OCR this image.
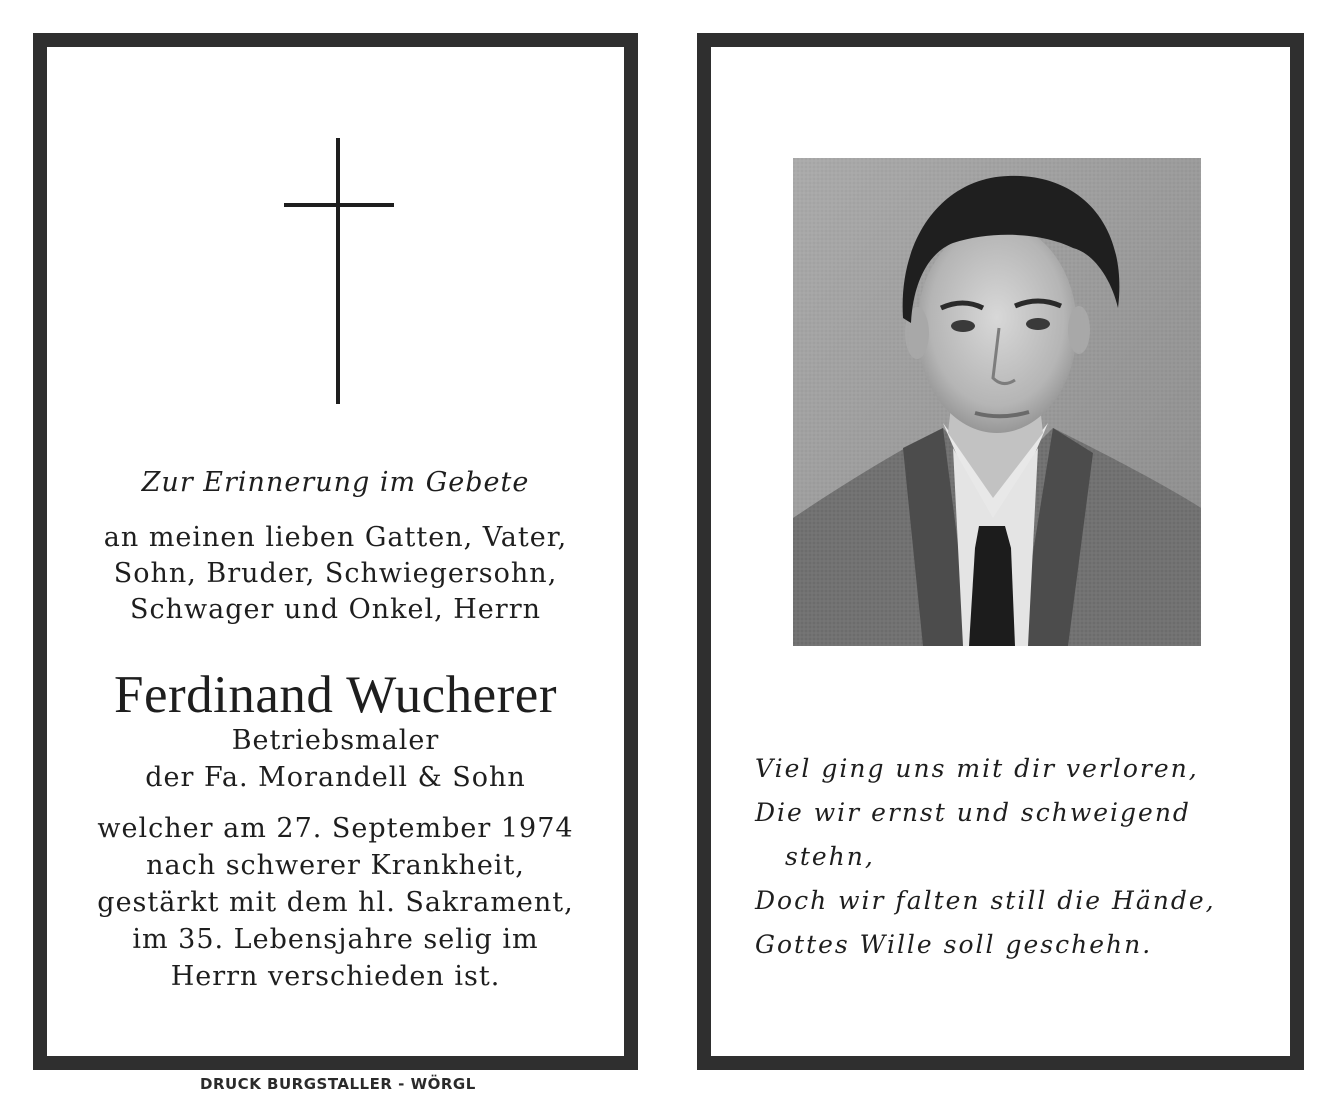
Zur Erinnerung im Gebete

an meinen lieben Gatten, Vater,

Sohn, Bruder, Schwiegersohn,

Schwager und Onkel, Herrn

Ferdinand Wucherer

Betriebsmaler

der Fa. Morandell & Sohn

welcher am 27. September 1974

nach schwerer Krankheit,

gestärkt mit dem hl. Sakrament,

im 35. Lebensjahre selig im

Herrn verschieden ist.

Viel ging uns mit dir verloren,

Die wir ernst und schweigend

stehn,

Doch wir falten still die Hände,

Gottes Wille soll geschehn.

DRUCK BURGSTALLER - WÖRGL
